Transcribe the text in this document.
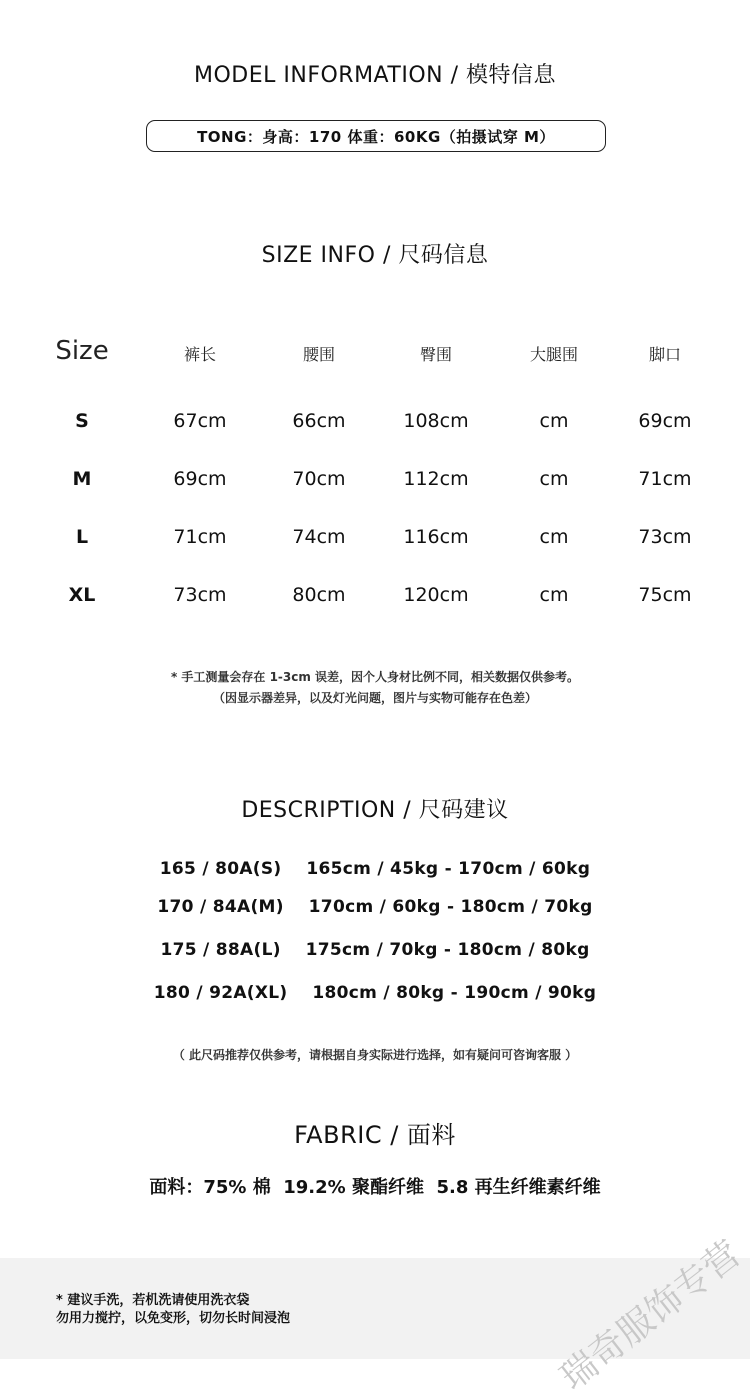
MODEL INFORMATION / 模特信息
TONG：身高：170 体重：60KG（拍摄试穿 M）
SIZE INFO / 尺码信息
Size	裤长	腰围	臀围	大腿围	脚口
S	67cm	66cm	108cm	cm	69cm
M	69cm	70cm	112cm	cm	71cm
L	71cm	74cm	116cm	cm	73cm
XL	73cm	80cm	120cm	cm	75cm
* 手工测量会存在 1-3cm 误差，因个人身材比例不同，相关数据仅供参考。
（因显示器差异，以及灯光问题，图片与实物可能存在色差）
DESCRIPTION / 尺码建议
165 / 80A(S)    165cm / 45kg - 170cm / 60kg
170 / 84A(M)    170cm / 60kg - 180cm / 70kg
175 / 88A(L)    175cm / 70kg - 180cm / 80kg
180 / 92A(XL)    180cm / 80kg - 190cm / 90kg
（ 此尺码推荐仅供参考，请根据自身实际进行选择，如有疑问可咨询客服 ）
FABRIC / 面料
面料：75% 棉  19.2% 聚酯纤维  5.8 再生纤维素纤维
* 建议手洗，若机洗请使用洗衣袋
勿用力搅拧，以免变形，切勿长时间浸泡	瑞奇服饰专营
